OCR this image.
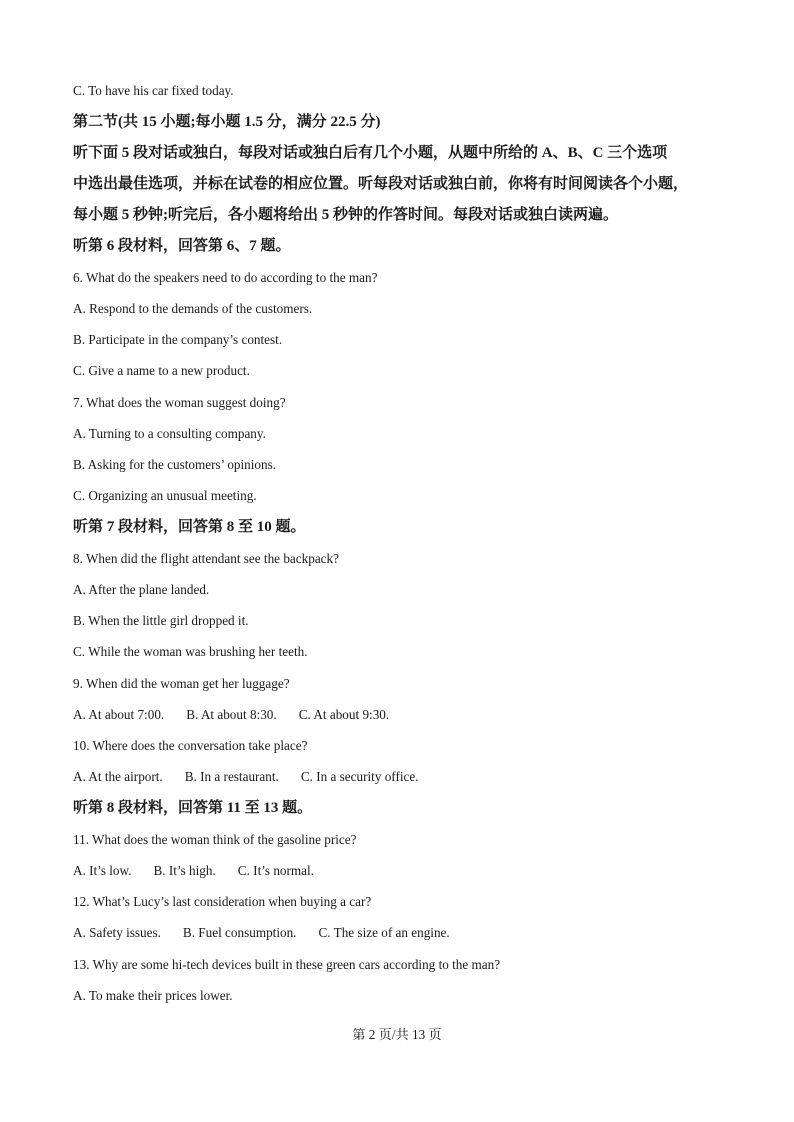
C. To have his car fixed today.
第二节(共 15 小题;每小题 1.5 分，满分 22.5 分)
听下面 5 段对话或独白，每段对话或独白后有几个小题，从题中所给的 A、B、C 三个选项
中选出最佳选项，并标在试卷的相应位置。听每段对话或独白前，你将有时间阅读各个小题，
每小题 5 秒钟;听完后，各小题将给出 5 秒钟的作答时间。每段对话或独白读两遍。
听第 6 段材料，回答第 6、7 题。
6. What do the speakers need to do according to the man?
A. Respond to the demands of the customers.
B. Participate in the company’s contest.
C. Give a name to a new product.
7. What does the woman suggest doing?
A. Turning to a consulting company.
B. Asking for the customers’ opinions.
C. Organizing an unusual meeting.
听第 7 段材料，回答第 8 至 10 题。
8. When did the flight attendant see the backpack?
A. After the plane landed.
B. When the little girl dropped it.
C. While the woman was brushing her teeth.
9. When did the woman get her luggage?
A. At about 7:00. B. At about 8:30. C. At about 9:30.
10. Where does the conversation take place?
A. At the airport. B. In a restaurant. C. In a security office.
听第 8 段材料，回答第 11 至 13 题。
11. What does the woman think of the gasoline price?
A. It’s low. B. It’s high. C. It’s normal.
12. What’s Lucy’s last consideration when buying a car?
A. Safety issues. B. Fuel consumption. C. The size of an engine.
13. Why are some hi-tech devices built in these green cars according to the man?
A. To make their prices lower.
第 2 页/共 13 页
